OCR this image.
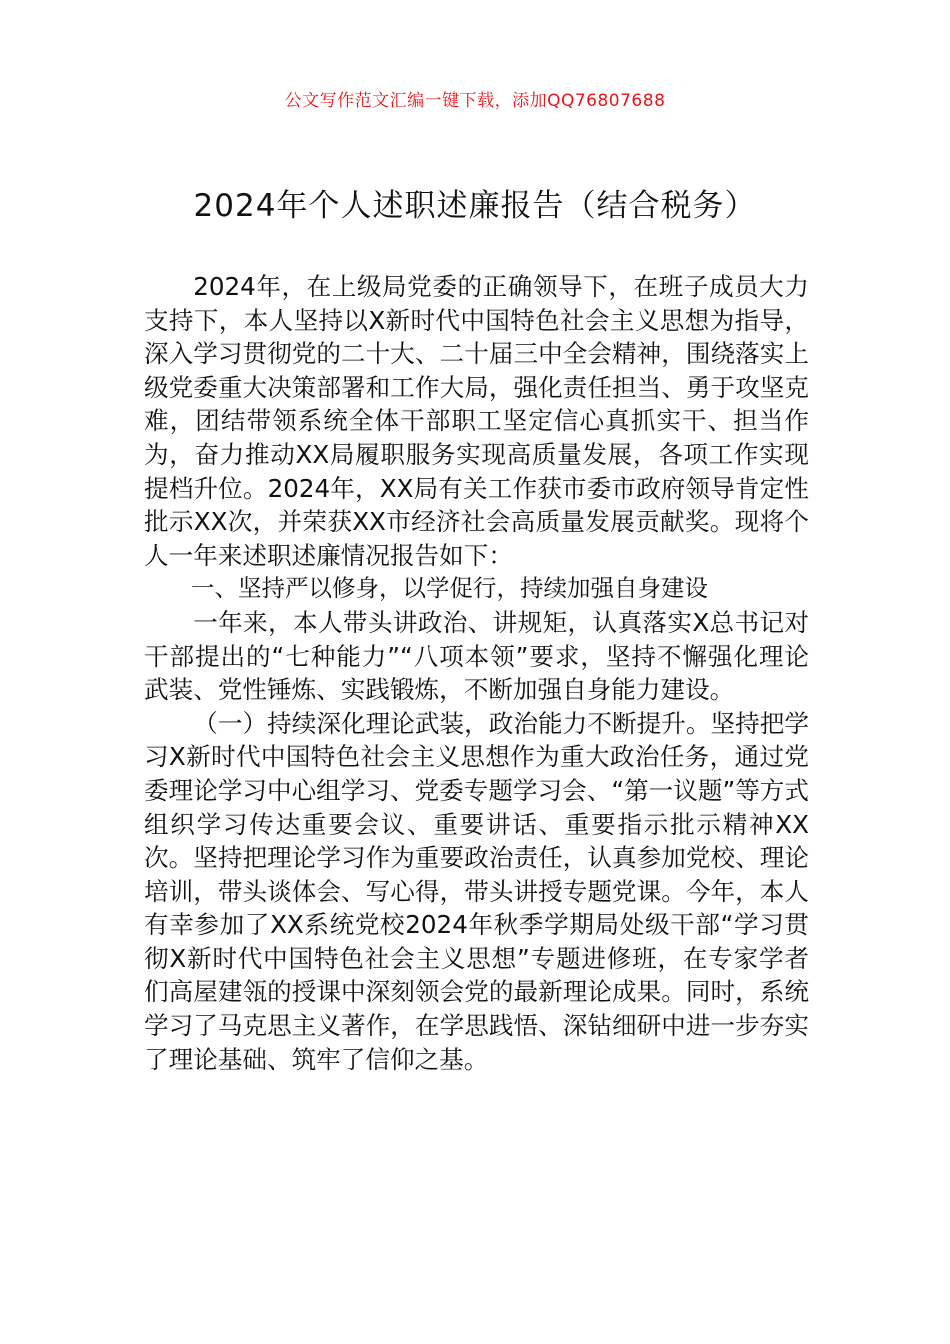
公文写作范文汇编一键下载，添加QQ76807688
2024年个人述职述廉报告（结合税务）

2024年，在上级局党委的正确领导下，在班子成员大力支持下，本人坚持以X新时代中国特色社会主义思想为指导，深入学习贯彻党的二十大、二十届三中全会精神，围绕落实上级党委重大决策部署和工作大局，强化责任担当、勇于攻坚克难，团结带领系统全体干部职工坚定信心真抓实干、担当作为，奋力推动XX局履职服务实现高质量发展，各项工作实现提档升位。2024年，XX局有关工作获市委市政府领导肯定性批示XX次，并荣获XX市经济社会高质量发展贡献奖。现将个人一年来述职述廉情况报告如下：

一、坚持严以修身，以学促行，持续加强自身建设

一年来，本人带头讲政治、讲规矩，认真落实X总书记对干部提出的“七种能力”“八项本领”要求，坚持不懈强化理论武装、党性锤炼、实践锻炼，不断加强自身能力建设。

（一）持续深化理论武装，政治能力不断提升。坚持把学习X新时代中国特色社会主义思想作为重大政治任务，通过党委理论学习中心组学习、党委专题学习会、“第一议题”等方式组织学习传达重要会议、重要讲话、重要指示批示精神XX次。坚持把理论学习作为重要政治责任，认真参加党校、理论培训，带头谈体会、写心得，带头讲授专题党课。今年，本人有幸参加了XX系统党校2024年秋季学期局处级干部“学习贯彻X新时代中国特色社会主义思想”专题进修班，在专家学者们高屋建瓴的授课中深刻领会党的最新理论成果。同时，系统学习了马克思主义著作，在学思践悟、深钻细研中进一步夯实了理论基础、筑牢了信仰之基。
